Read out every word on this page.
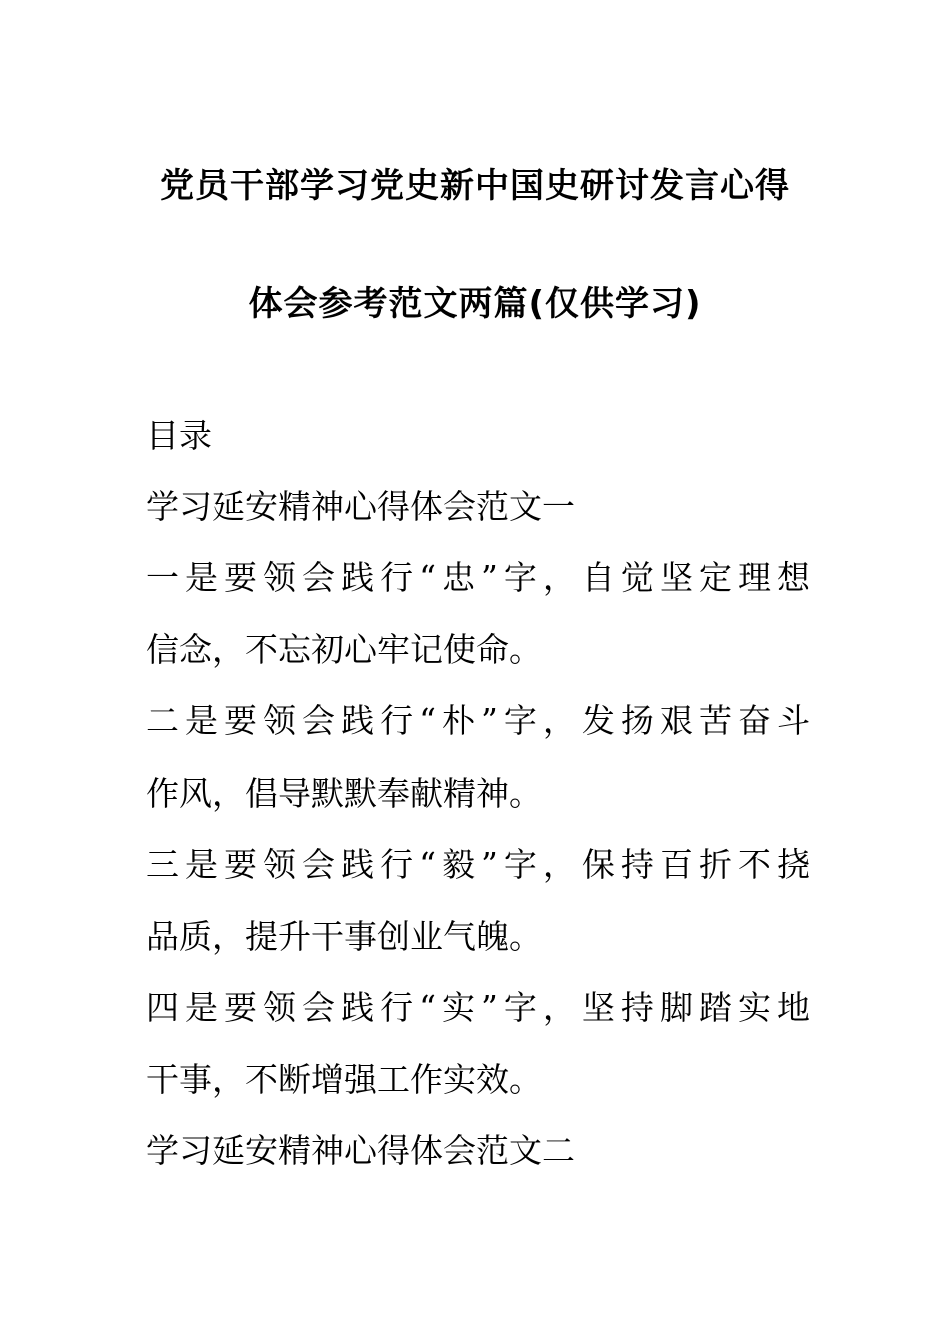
党员干部学习党史新中国史研讨发言心得
体会参考范文两篇(仅供学习)
目录
学习延安精神心得体会范文一
一是要领会践行“忠”字，自觉坚定理想
信念，不忘初心牢记使命。
二是要领会践行“朴”字，发扬艰苦奋斗
作风，倡导默默奉献精神。
三是要领会践行“毅”字，保持百折不挠
品质，提升干事创业气魄。
四是要领会践行“实”字，坚持脚踏实地
干事，不断增强工作实效。
学习延安精神心得体会范文二
